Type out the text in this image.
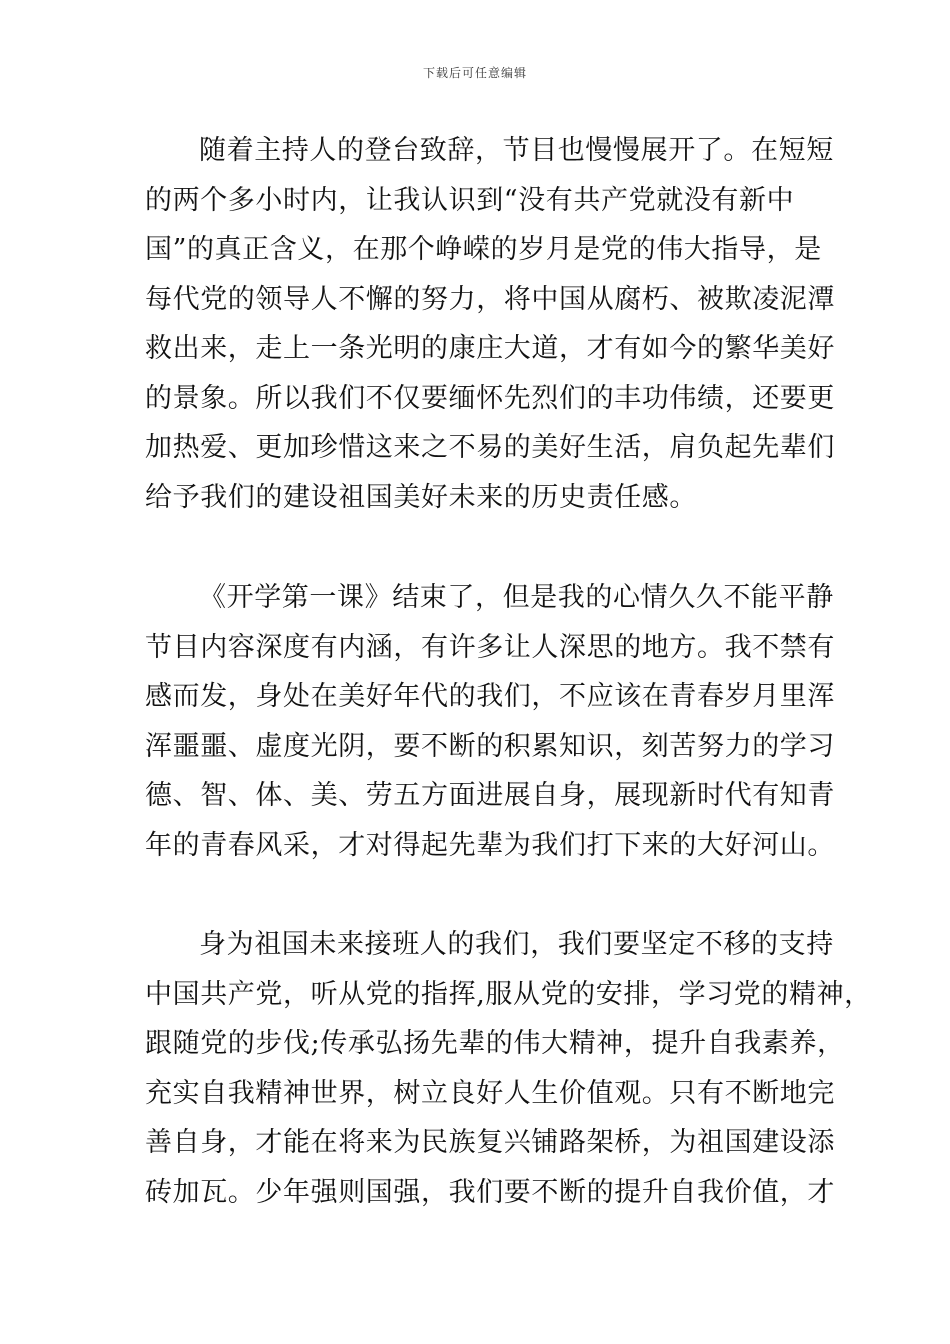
下载后可任意编辑
随着主持人的登台致辞，节目也慢慢展开了。在短短
的两个多小时内，让我认识到“没有共产党就没有新中
国”的真正含义，在那个峥嵘的岁月是党的伟大指导，是
每代党的领导人不懈的努力，将中国从腐朽、被欺凌泥潭
救出来，走上一条光明的康庄大道，才有如今的繁华美好
的景象。所以我们不仅要缅怀先烈们的丰功伟绩，还要更
加热爱、更加珍惜这来之不易的美好生活，肩负起先辈们
给予我们的建设祖国美好未来的历史责任感。
《开学第一课》结束了，但是我的心情久久不能平静
节目内容深度有内涵，有许多让人深思的地方。我不禁有
感而发，身处在美好年代的我们，不应该在青春岁月里浑
浑噩噩、虚度光阴，要不断的积累知识，刻苦努力的学习
德、智、体、美、劳五方面进展自身，展现新时代有知青
年的青春风采，才对得起先辈为我们打下来的大好河山。
身为祖国未来接班人的我们，我们要坚定不移的支持
中国共产党，听从党的指挥,服从党的安排，学习党的精神，
跟随党的步伐;传承弘扬先辈的伟大精神，提升自我素养，
充实自我精神世界，树立良好人生价值观。只有不断地完
善自身，才能在将来为民族复兴铺路架桥，为祖国建设添
砖加瓦。少年强则国强，我们要不断的提升自我价值，才
